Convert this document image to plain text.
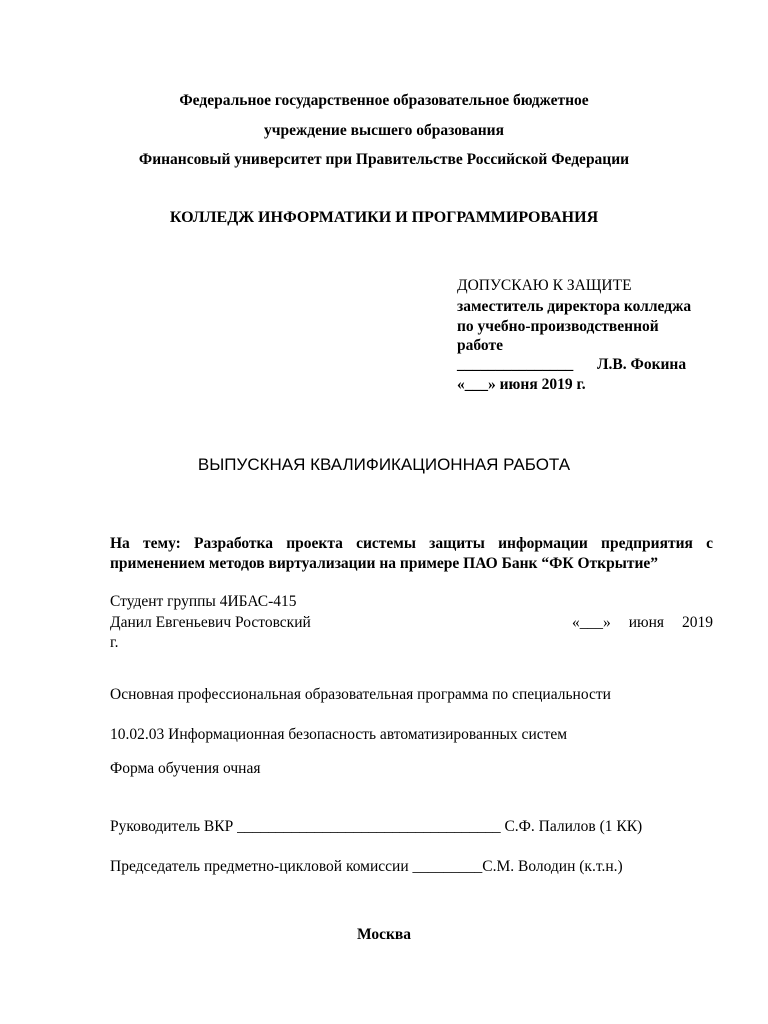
Федеральное государственное образовательное бюджетное
учреждение высшего образования
Финансовый университет при Правительстве Российской Федерации
КОЛЛЕДЖ ИНФОРМАТИКИ И ПРОГРАММИРОВАНИЯ
ДОПУСКАЮ К ЗАЩИТЕ
заместитель директора колледжа
по учебно-производственной
работе
_______________ Л.В. Фокина
«___» июня 2019 г.
ВЫПУСКНАЯ КВАЛИФИКАЦИОННАЯ РАБОТА
На тему: Разработка проекта системы защиты информации предприятия с
применением методов виртуализации на примере ПАО Банк “ФК Открытие”
Студент группы 4ИБАС-415
Данил Евгеньевич Ростовский	«___» июня 2019
г.
Основная профессиональная образовательная программа по специальности
10.02.03 Информационная безопасность автоматизированных систем
Форма обучения очная
Руководитель ВКР __________________________________ С.Ф. Палилов (1 КК)
Председатель предметно-цикловой комиссии _________С.М. Володин (к.т.н.)
Москва
